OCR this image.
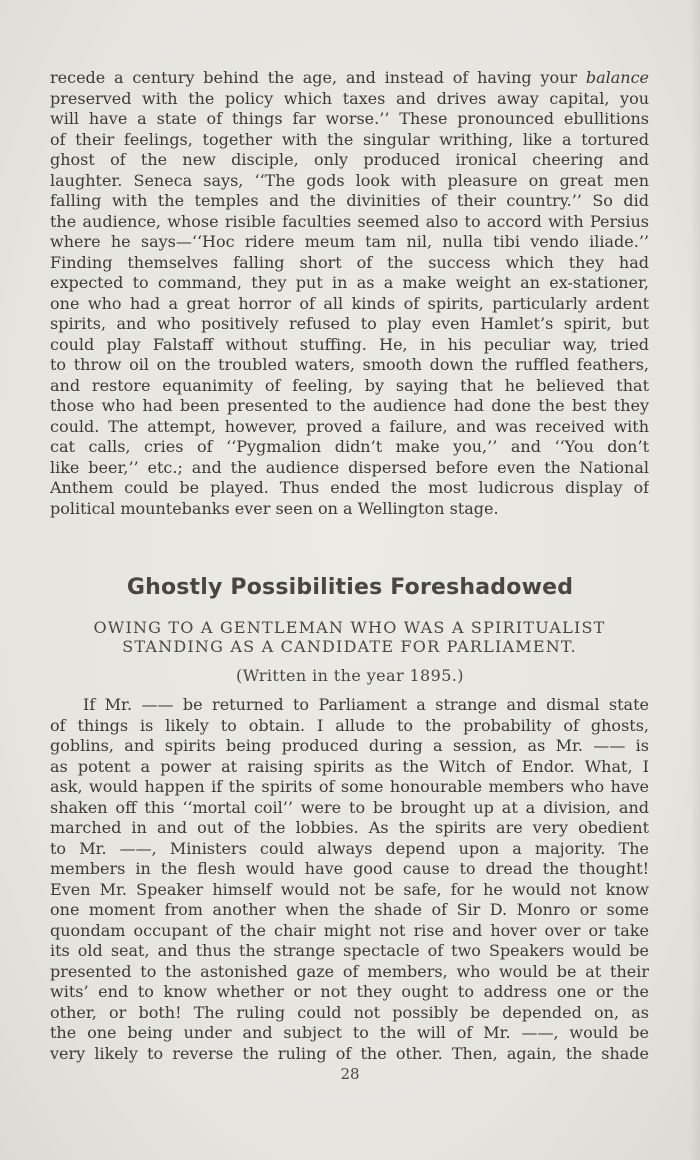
recede a century behind the age, and instead of having your balance
preserved with the policy which taxes and drives away capital, you
will have a state of things far worse.’’ These pronounced ebullitions
of their feelings, together with the singular writhing, like a tortured
ghost of the new disciple, only produced ironical cheering and
laughter. Seneca says, ‘‘The gods look with pleasure on great men
falling with the temples and the divinities of their country.’’ So did
the audience, whose risible faculties seemed also to accord with Persius
where he says—‘‘Hoc ridere meum tam nil, nulla tibi vendo iliade.’’
Finding themselves falling short of the success which they had
expected to command, they put in as a make weight an ex-stationer,
one who had a great horror of all kinds of spirits, particularly ardent
spirits, and who positively refused to play even Hamlet’s spirit, but
could play Falstaff without stuffing. He, in his peculiar way, tried
to throw oil on the troubled waters, smooth down the ruffled feathers,
and restore equanimity of feeling, by saying that he believed that
those who had been presented to the audience had done the best they
could. The attempt, however, proved a failure, and was received with
cat calls, cries of ‘‘Pygmalion didn’t make you,’’ and ‘‘You don’t
like beer,’’ etc.; and the audience dispersed before even the National
Anthem could be played. Thus ended the most ludicrous display of
political mountebanks ever seen on a Wellington stage.
Ghostly Possibilities Foreshadowed
OWING TO A GENTLEMAN WHO WAS A SPIRITUALIST
STANDING AS A CANDIDATE FOR PARLIAMENT.
(Written in the year 1895.)
If Mr. —— be returned to Parliament a strange and dismal state
of things is likely to obtain. I allude to the probability of ghosts,
goblins, and spirits being produced during a session, as Mr. —— is
as potent a power at raising spirits as the Witch of Endor. What, I
ask, would happen if the spirits of some honourable members who have
shaken off this ‘‘mortal coil’’ were to be brought up at a division, and
marched in and out of the lobbies. As the spirits are very obedient
to Mr. ——, Ministers could always depend upon a majority. The
members in the flesh would have good cause to dread the thought!
Even Mr. Speaker himself would not be safe, for he would not know
one moment from another when the shade of Sir D. Monro or some
quondam occupant of the chair might not rise and hover over or take
its old seat, and thus the strange spectacle of two Speakers would be
presented to the astonished gaze of members, who would be at their
wits’ end to know whether or not they ought to address one or the
other, or both! The ruling could not possibly be depended on, as
the one being under and subject to the will of Mr. ——, would be
very likely to reverse the ruling of the other. Then, again, the shade
28
